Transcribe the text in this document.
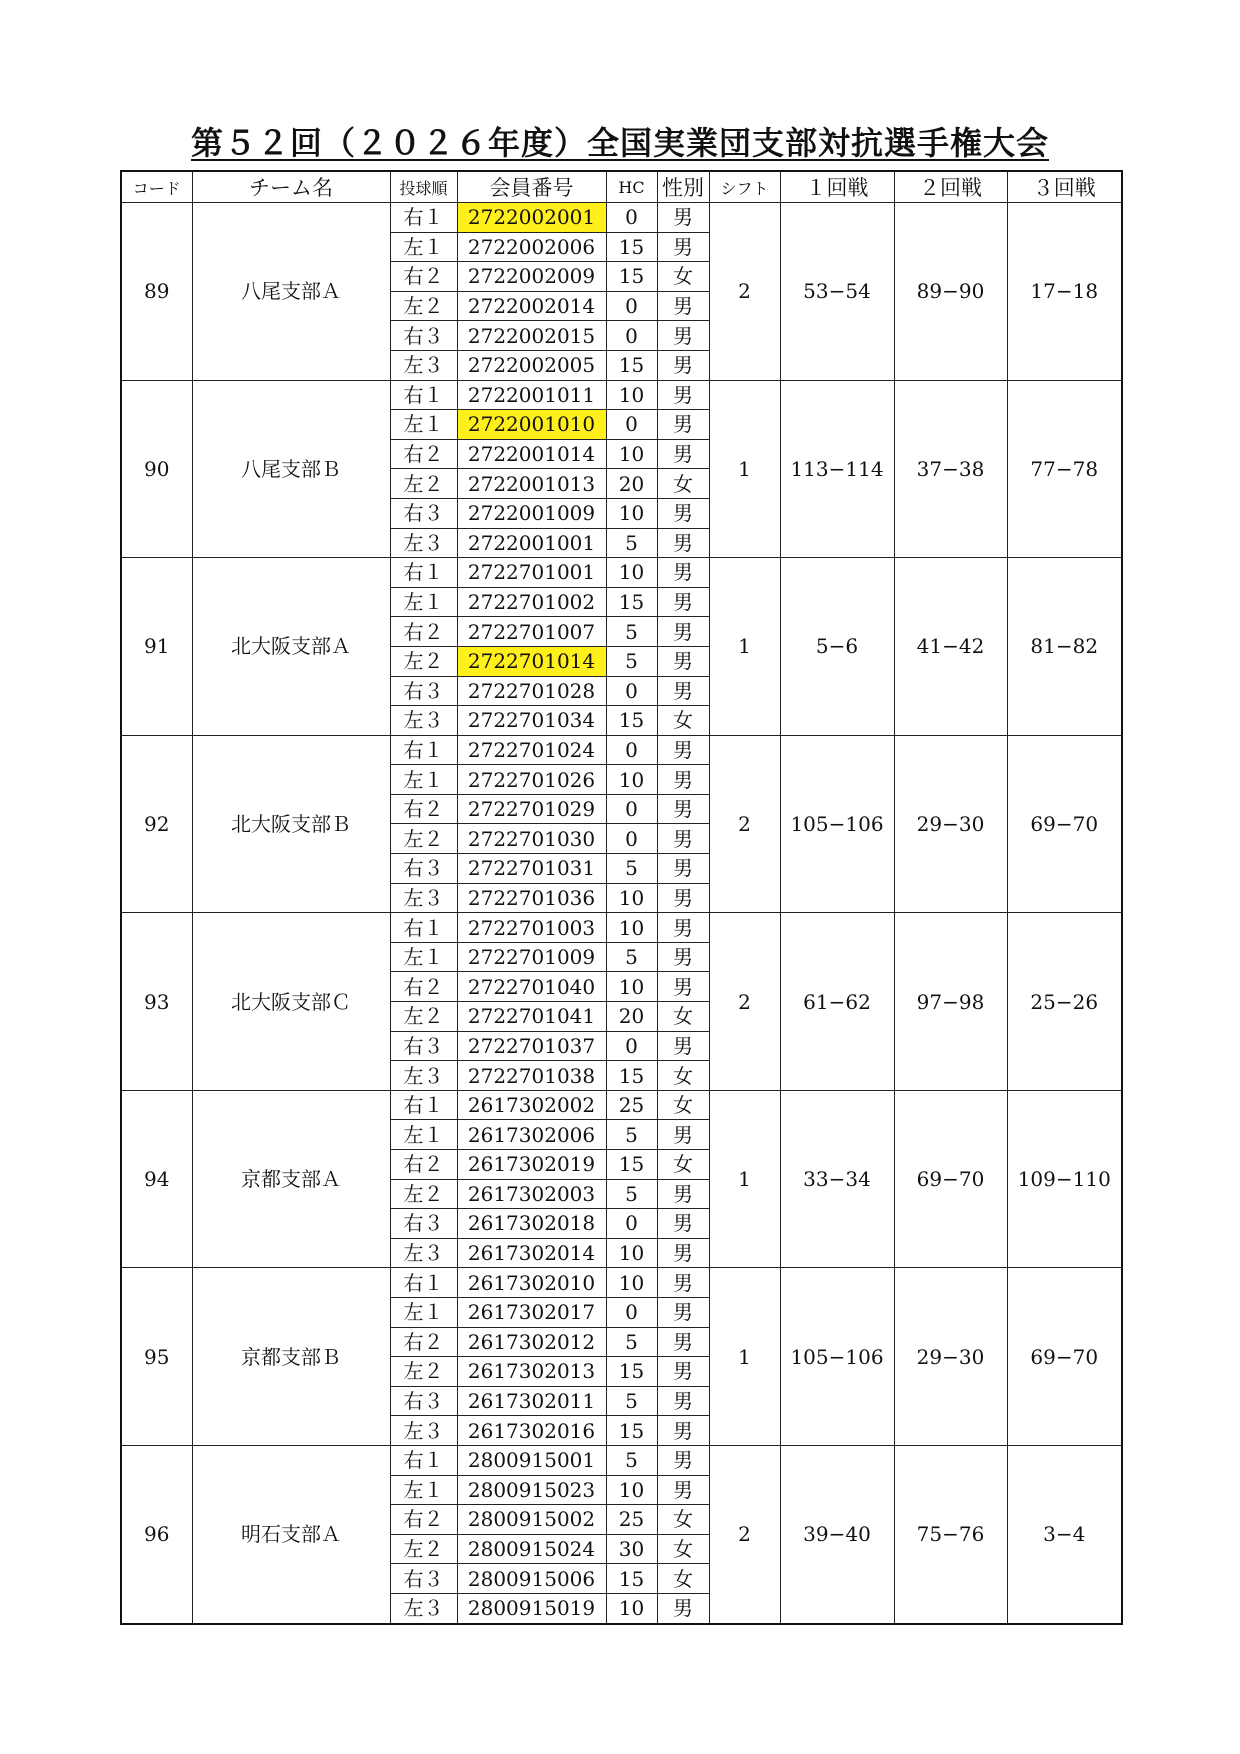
第５２回（２０２６年度）全国実業団支部対抗選手権大会
コード	チーム名	投球順	会員番号	HC	性別	シフト	１回戦	２回戦	３回戦
89	八尾支部Ａ	右１	2722002001	0	男	2	53−54	89−90	17−18
		左１	2722002006	15	男				
		右２	2722002009	15	女				
		左２	2722002014	0	男				
		右３	2722002015	0	男				
		左３	2722002005	15	男				
90	八尾支部Ｂ	右１	2722001011	10	男	1	113−114	37−38	77−78
		左１	2722001010	0	男				
		右２	2722001014	10	男				
		左２	2722001013	20	女				
		右３	2722001009	10	男				
		左３	2722001001	5	男				
91	北大阪支部Ａ	右１	2722701001	10	男	1	5−6	41−42	81−82
		左１	2722701002	15	男				
		右２	2722701007	5	男				
		左２	2722701014	5	男				
		右３	2722701028	0	男				
		左３	2722701034	15	女				
92	北大阪支部Ｂ	右１	2722701024	0	男	2	105−106	29−30	69−70
		左１	2722701026	10	男				
		右２	2722701029	0	男				
		左２	2722701030	0	男				
		右３	2722701031	5	男				
		左３	2722701036	10	男				
93	北大阪支部Ｃ	右１	2722701003	10	男	2	61−62	97−98	25−26
		左１	2722701009	5	男				
		右２	2722701040	10	男				
		左２	2722701041	20	女				
		右３	2722701037	0	男				
		左３	2722701038	15	女				
94	京都支部Ａ	右１	2617302002	25	女	1	33−34	69−70	109−110
		左１	2617302006	5	男				
		右２	2617302019	15	女				
		左２	2617302003	5	男				
		右３	2617302018	0	男				
		左３	2617302014	10	男				
95	京都支部Ｂ	右１	2617302010	10	男	1	105−106	29−30	69−70
		左１	2617302017	0	男				
		右２	2617302012	5	男				
		左２	2617302013	15	男				
		右３	2617302011	5	男				
		左３	2617302016	15	男				
96	明石支部Ａ	右１	2800915001	5	男	2	39−40	75−76	3−4
		左１	2800915023	10	男				
		右２	2800915002	25	女				
		左２	2800915024	30	女				
		右３	2800915006	15	女				
		左３	2800915019	10	男				
